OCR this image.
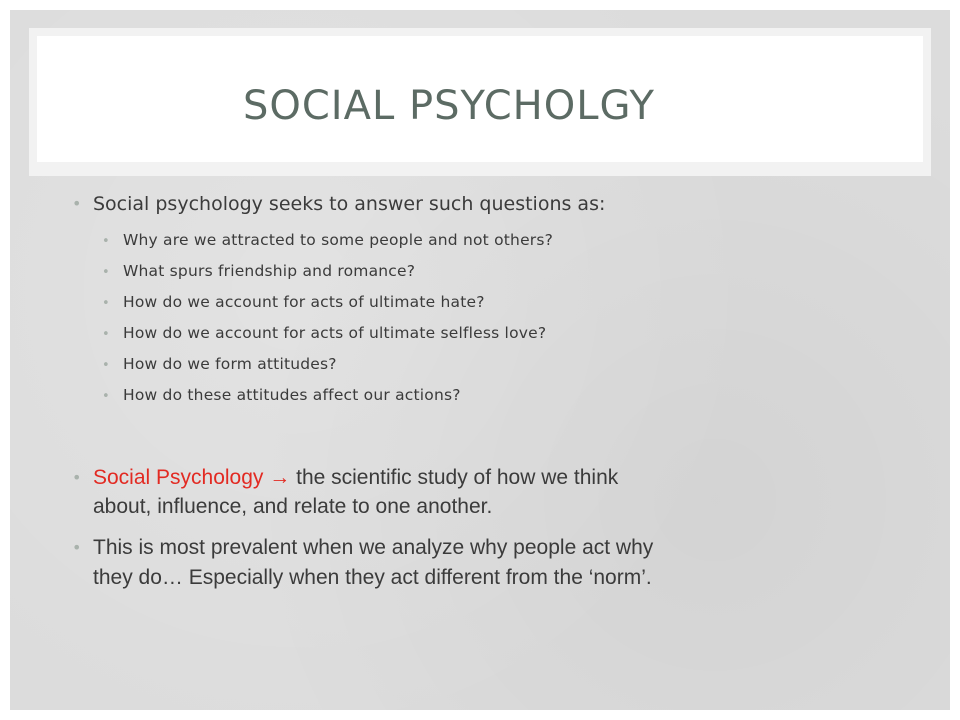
SOCIAL PSYCHOLGY
• Social psychology seeks to answer such questions as:

• Why are we attracted to some people and not others?

• What spurs friendship and romance?

• How do we account for acts of ultimate hate?

• How do we account for acts of ultimate selfless love?

• How do we form attitudes?

• How do these attitudes affect our actions?

• Social Psychology → the scientific study of how we think

about, influence, and relate to one another.

• This is most prevalent when we analyze why people act why

they do… Especially when they act different from the ‘norm’.
